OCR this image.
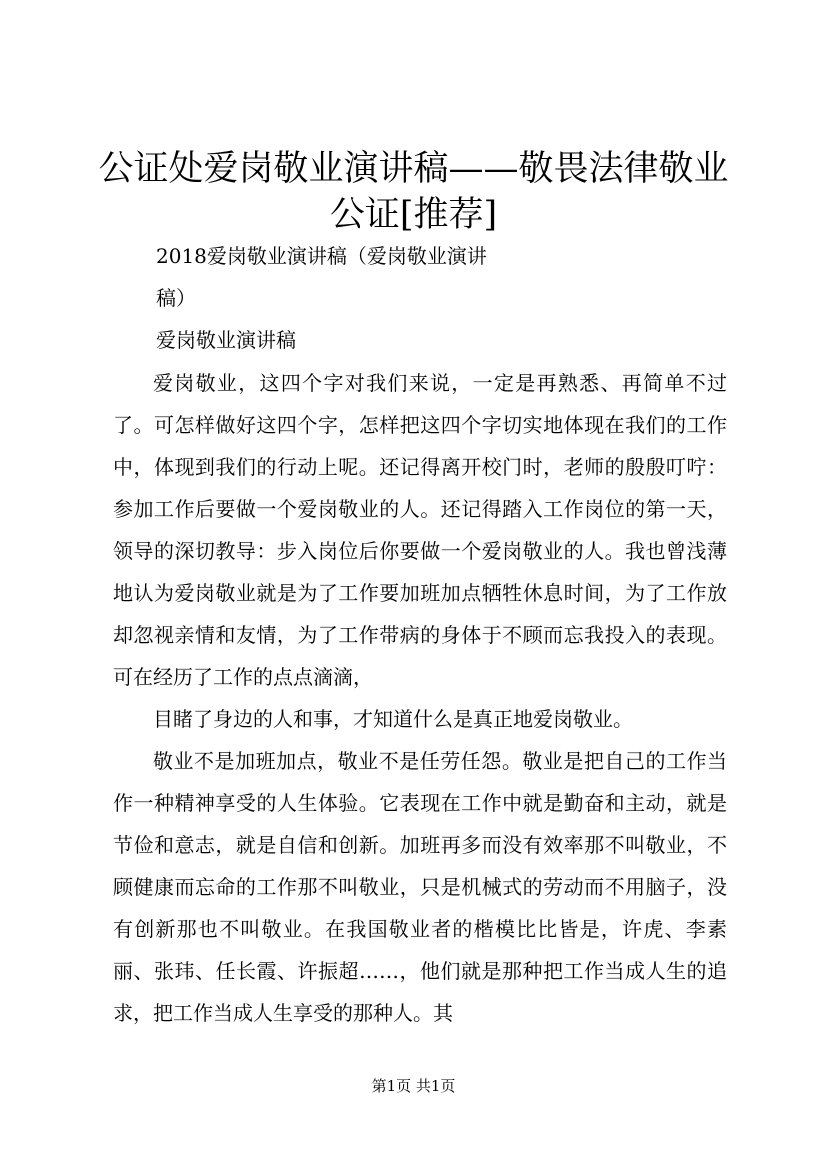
公证处爱岗敬业演讲稿——敬畏法律敬业公证[推荐]
2018爱岗敬业演讲稿（爱岗敬业演讲
稿）
爱岗敬业演讲稿

爱岗敬业，这四个字对我们来说，一定是再熟悉、再简单不过了。可怎样做好这四个字，怎样把这四个字切实地体现在我们的工作中，体现到我们的行动上呢。还记得离开校门时，老师的殷殷叮咛：参加工作后要做一个爱岗敬业的人。还记得踏入工作岗位的第一天，领导的深切教导：步入岗位后你要做一个爱岗敬业的人。我也曾浅薄地认为爱岗敬业就是为了工作要加班加点牺牲休息时间，为了工作放却忽视亲情和友情，为了工作带病的身体于不顾而忘我投入的表现。可在经历了工作的点点滴滴，

目睹了身边的人和事，才知道什么是真正地爱岗敬业。

敬业不是加班加点，敬业不是任劳任怨。敬业是把自己的工作当作一种精神享受的人生体验。它表现在工作中就是勤奋和主动，就是节俭和意志，就是自信和创新。加班再多而没有效率那不叫敬业，不顾健康而忘命的工作那不叫敬业，只是机械式的劳动而不用脑子，没有创新那也不叫敬业。在我国敬业者的楷模比比皆是，许虎、李素丽、张玮、任长霞、许振超……，他们就是那种把工作当成人生的追求，把工作当成人生享受的那种人。其

第1页 共1页
